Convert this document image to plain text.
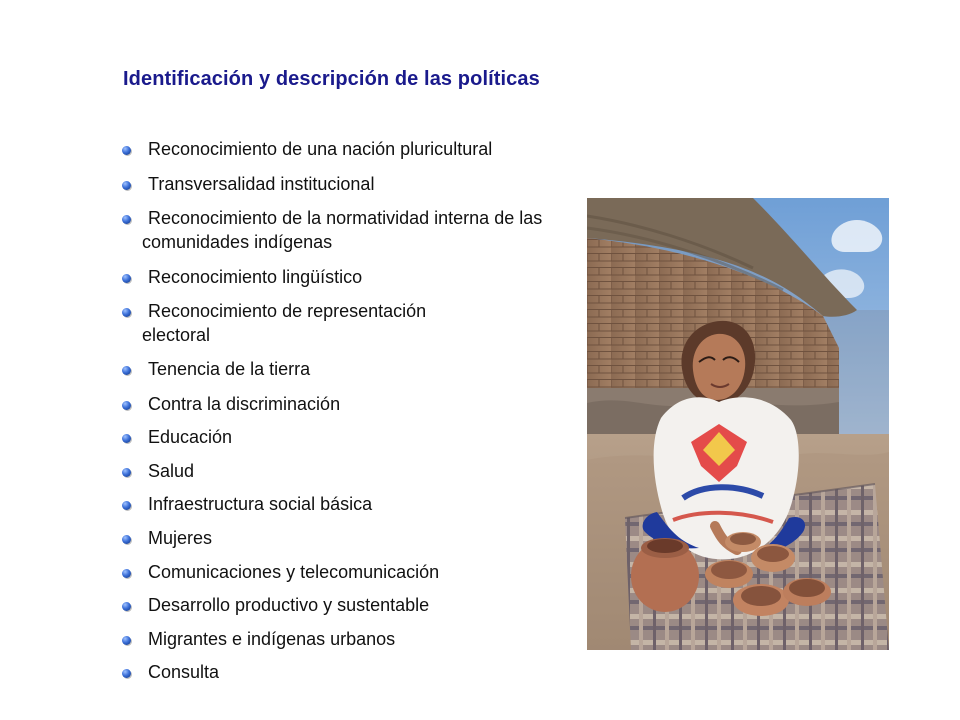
Identificación y descripción de las políticas
Reconocimiento de una nación pluricultural
Transversalidad institucional
Reconocimiento de la normatividad interna de las comunidades indígenas
Reconocimiento lingüístico
Reconocimiento de representación electoral
Tenencia de la tierra
Contra la discriminación
Educación
Salud
Infraestructura social básica
Mujeres
Comunicaciones y telecomunicación
Desarrollo productivo y sustentable
Migrantes e indígenas urbanos
Consulta
